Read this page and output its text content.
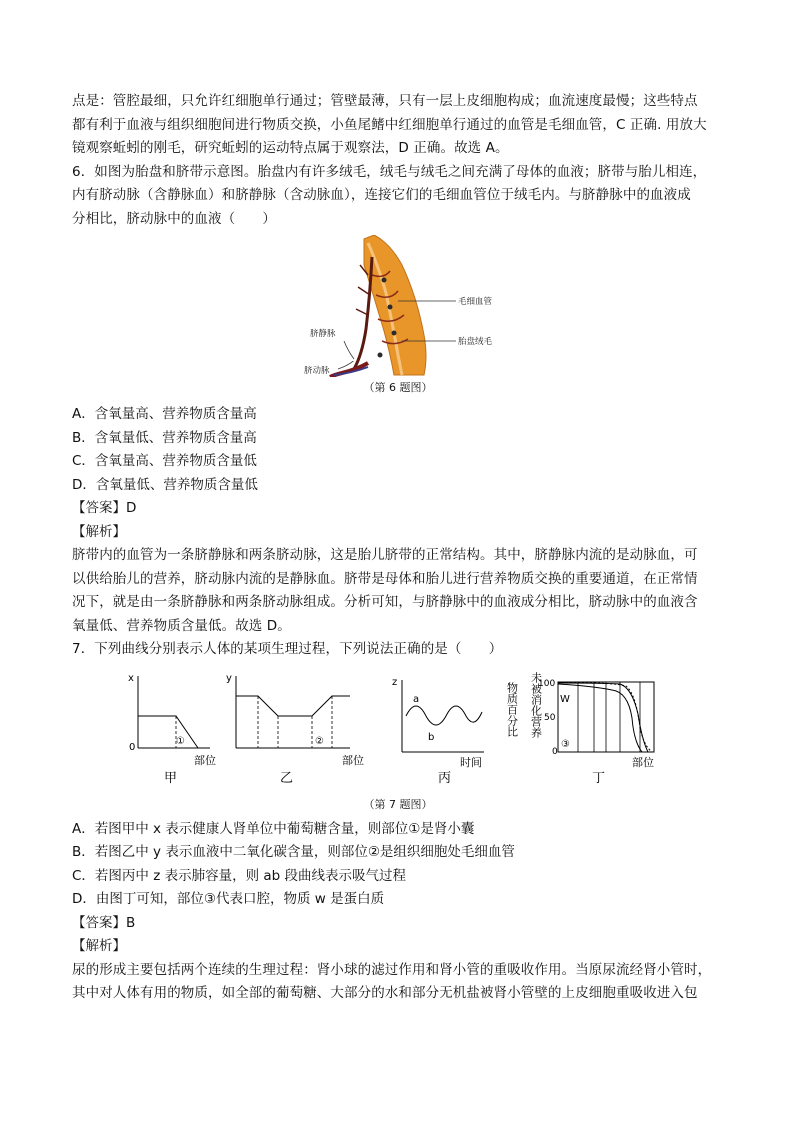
点是：管腔最细，只允许红细胞单行通过；管壁最薄，只有一层上皮细胞构成；血流速度最慢；这些特点
都有利于血液与组织细胞间进行物质交换，小鱼尾鳍中红细胞单行通过的血管是毛细血管，C 正确. 用放大
镜观察蚯蚓的刚毛，研究蚯蚓的运动特点属于观察法，D 正确。故选 A。
6．如图为胎盘和脐带示意图。胎盘内有许多绒毛，绒毛与绒毛之间充满了母体的血液；脐带与胎儿相连，
内有脐动脉（含静脉血）和脐静脉（含动脉血），连接它们的毛细血管位于绒毛内。与脐静脉中的血液成
分相比，脐动脉中的血液（　　）
毛细血管
胎盘绒毛
脐静脉
脐动脉
（第 6 题图）
A．含氧量高、营养物质含量高
B．含氧量低、营养物质含量高
C．含氧量高、营养物质含量低
D．含氧量低、营养物质含量低
【答案】D
【解析】
脐带内的血管为一条脐静脉和两条脐动脉，这是胎儿脐带的正常结构。其中，脐静脉内流的是动脉血，可
以供给胎儿的营养，脐动脉内流的是静脉血。脐带是母体和胎儿进行营养物质交换的重要通道，在正常情
况下，就是由一条脐静脉和两条脐动脉组成。分析可知，与脐静脉中的血液成分相比，脐动脉中的血液含
氧量低、营养物质含量低。故选 D。
7．下列曲线分别表示人体的某项生理过程，下列说法正确的是（　　）
x
0
①
部位
甲
y
②
部位
乙
z
a
b
时间
丙
物质百分比 未被消化营养
100
50
0
W
③
部位
丁
（第 7 题图）
A．若图甲中 x 表示健康人肾单位中葡萄糖含量，则部位①是肾小囊
B．若图乙中 y 表示血液中二氧化碳含量，则部位②是组织细胞处毛细血管
C．若图丙中 z 表示肺容量，则 ab 段曲线表示吸气过程
D．由图丁可知，部位③代表口腔，物质 w 是蛋白质
【答案】B
【解析】
尿的形成主要包括两个连续的生理过程：肾小球的滤过作用和肾小管的重吸收作用。当原尿流经肾小管时，
其中对人体有用的物质，如全部的葡萄糖、大部分的水和部分无机盐被肾小管壁的上皮细胞重吸收进入包
